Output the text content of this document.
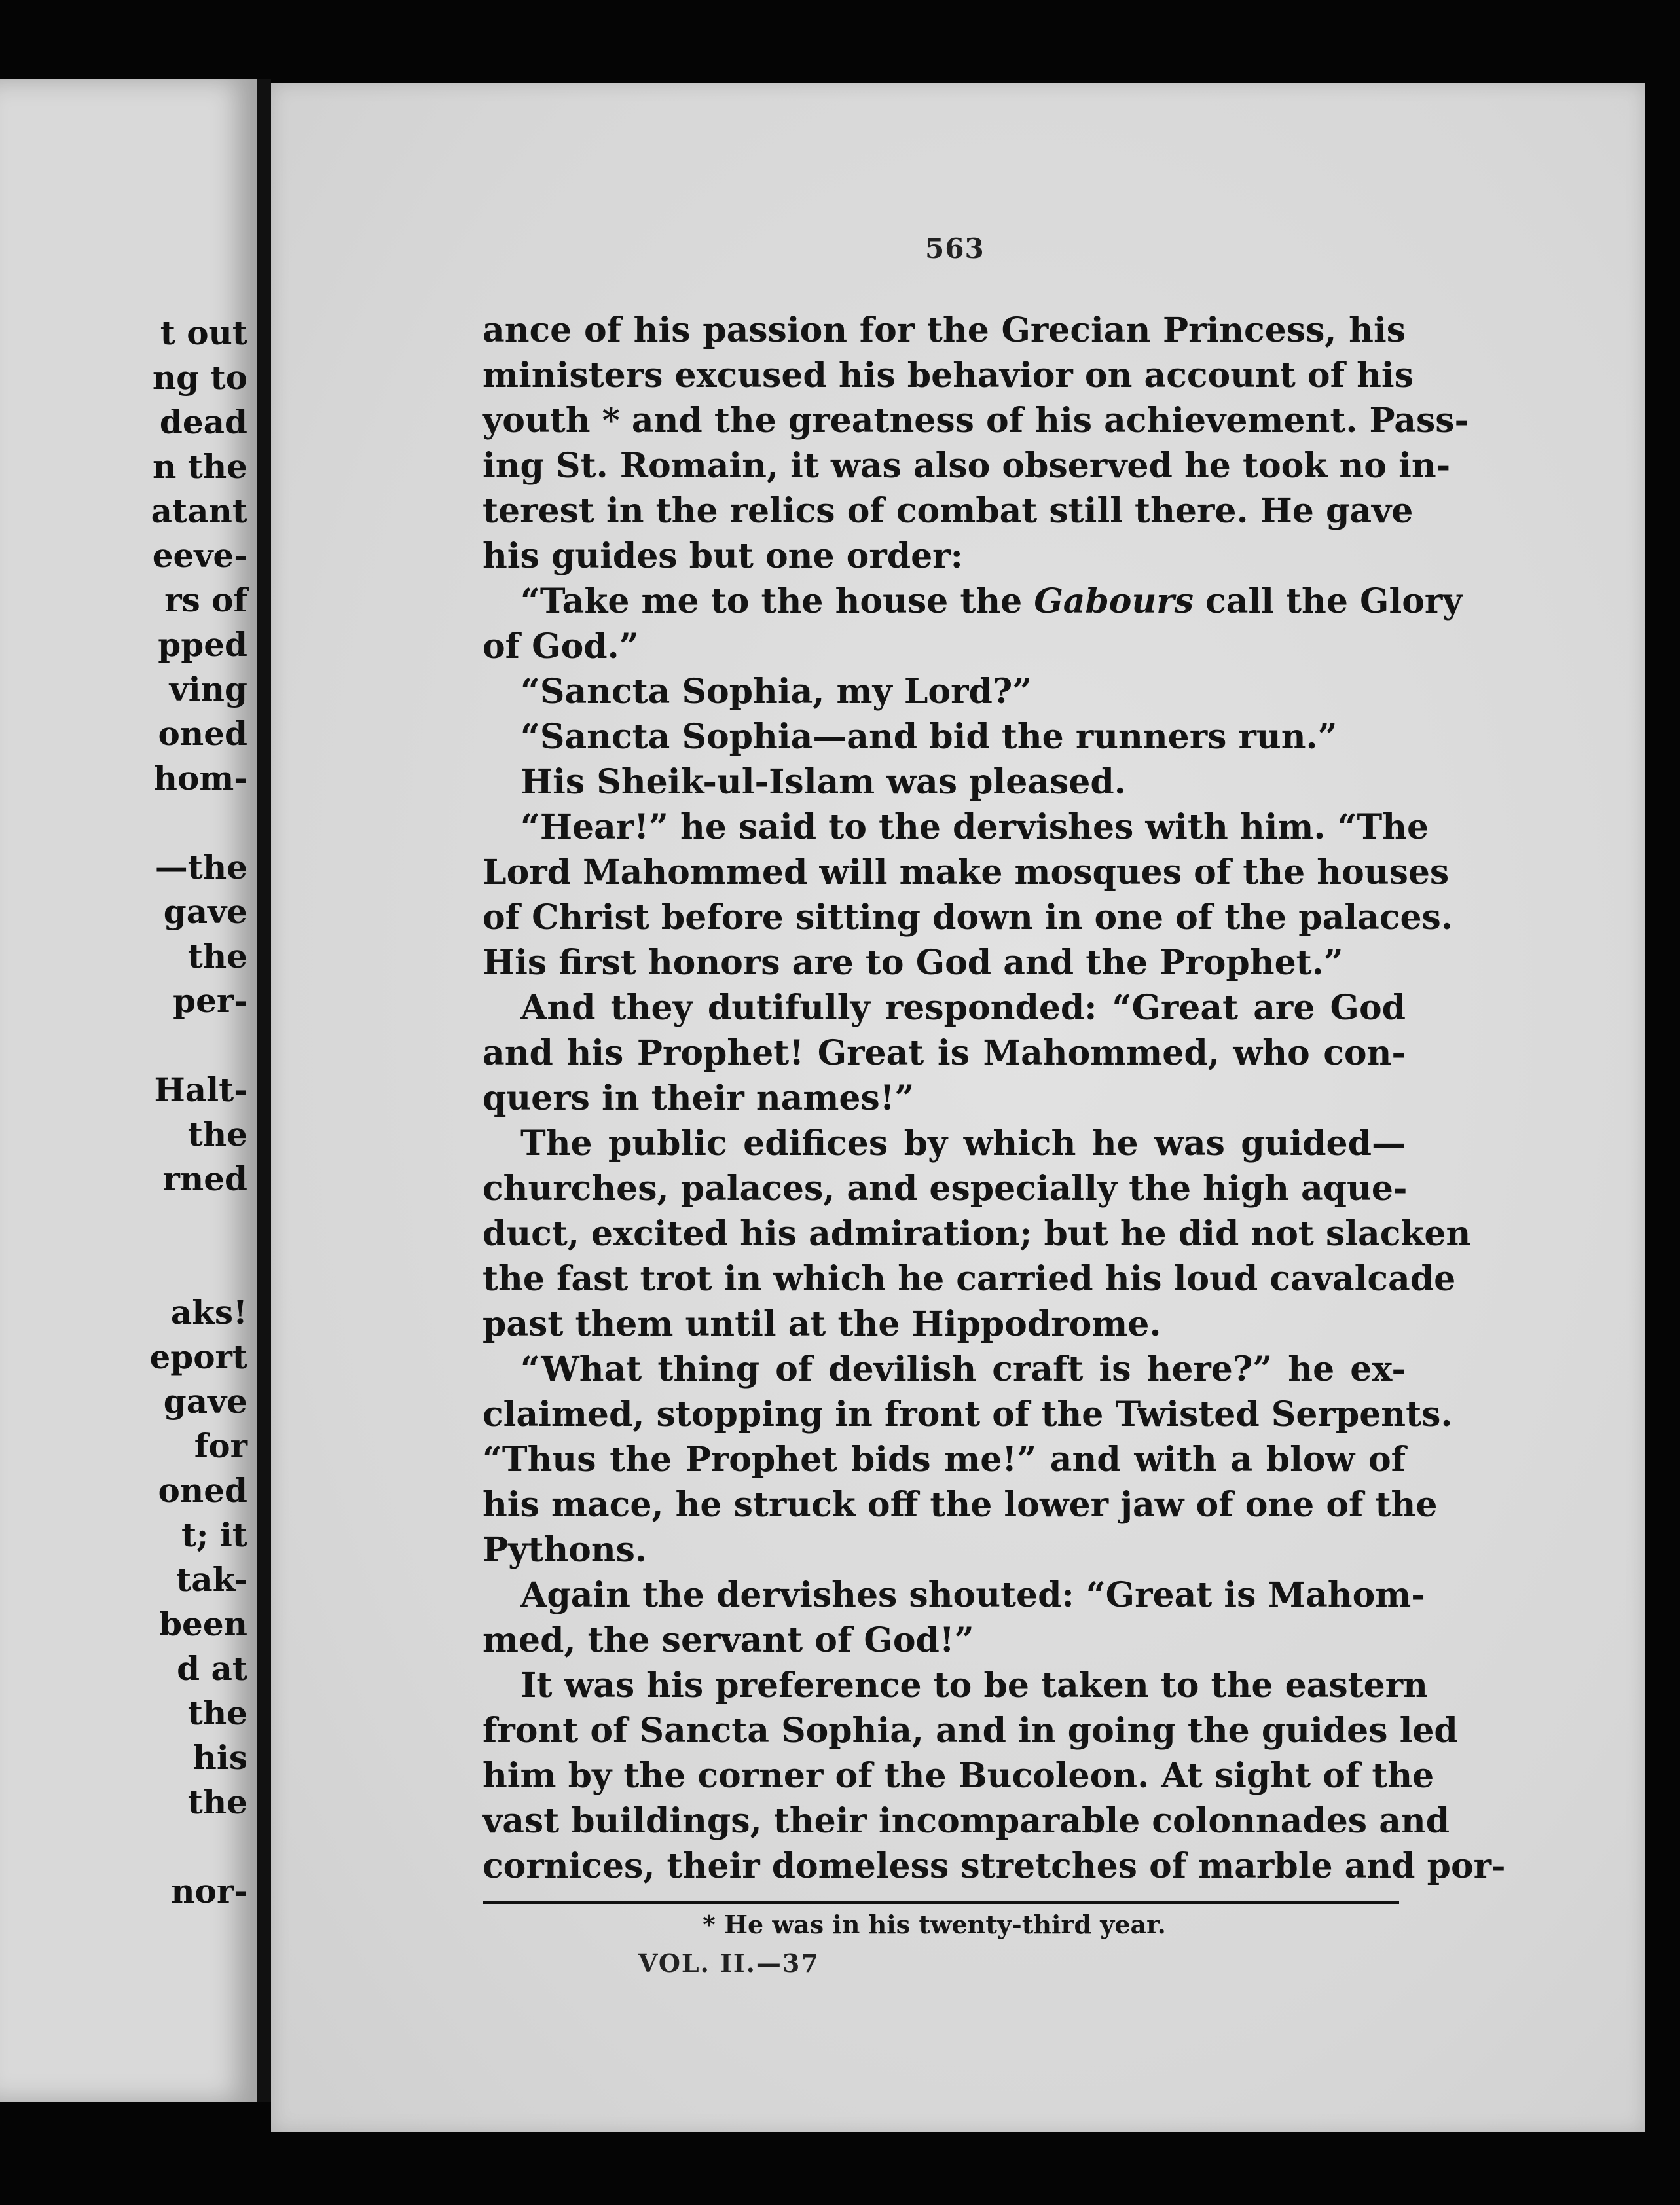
t out
ng to
dead
n the
atant
eeve-
rs of
pped
ving
oned
hom-
—the
gave
the
per-
Halt-
the
rned
aks!
eport
gave
for
oned
t; it
tak-
been
d at
the
his
the
nor-
563
ance of his passion for the Grecian Princess, his
ministers excused his behavior on account of his
youth * and the greatness of his achievement. Pass-
ing St. Romain, it was also observed he took no in-
terest in the relics of combat still there. He gave
his guides but one order:
“Take me to the house the Gabours call the Glory
of God.”
“Sancta Sophia, my Lord?”
“Sancta Sophia—and bid the runners run.”
His Sheik-ul-Islam was pleased.
“Hear!” he said to the dervishes with him. “The
Lord Mahommed will make mosques of the houses
of Christ before sitting down in one of the palaces.
His first honors are to God and the Prophet.”
And they dutifully responded: “Great are God
and his Prophet! Great is Mahommed, who con-
quers in their names!”
The public edifices by which he was guided—
churches, palaces, and especially the high aque-
duct, excited his admiration; but he did not slacken
the fast trot in which he carried his loud cavalcade
past them until at the Hippodrome.
“What thing of devilish craft is here?” he ex-
claimed, stopping in front of the Twisted Serpents.
“Thus the Prophet bids me!” and with a blow of
his mace, he struck off the lower jaw of one of the
Pythons.
Again the dervishes shouted: “Great is Mahom-
med, the servant of God!”
It was his preference to be taken to the eastern
front of Sancta Sophia, and in going the guides led
him by the corner of the Bucoleon. At sight of the
vast buildings, their incomparable colonnades and
cornices, their domeless stretches of marble and por-
* He was in his twenty-third year.
VOL. II.—37
